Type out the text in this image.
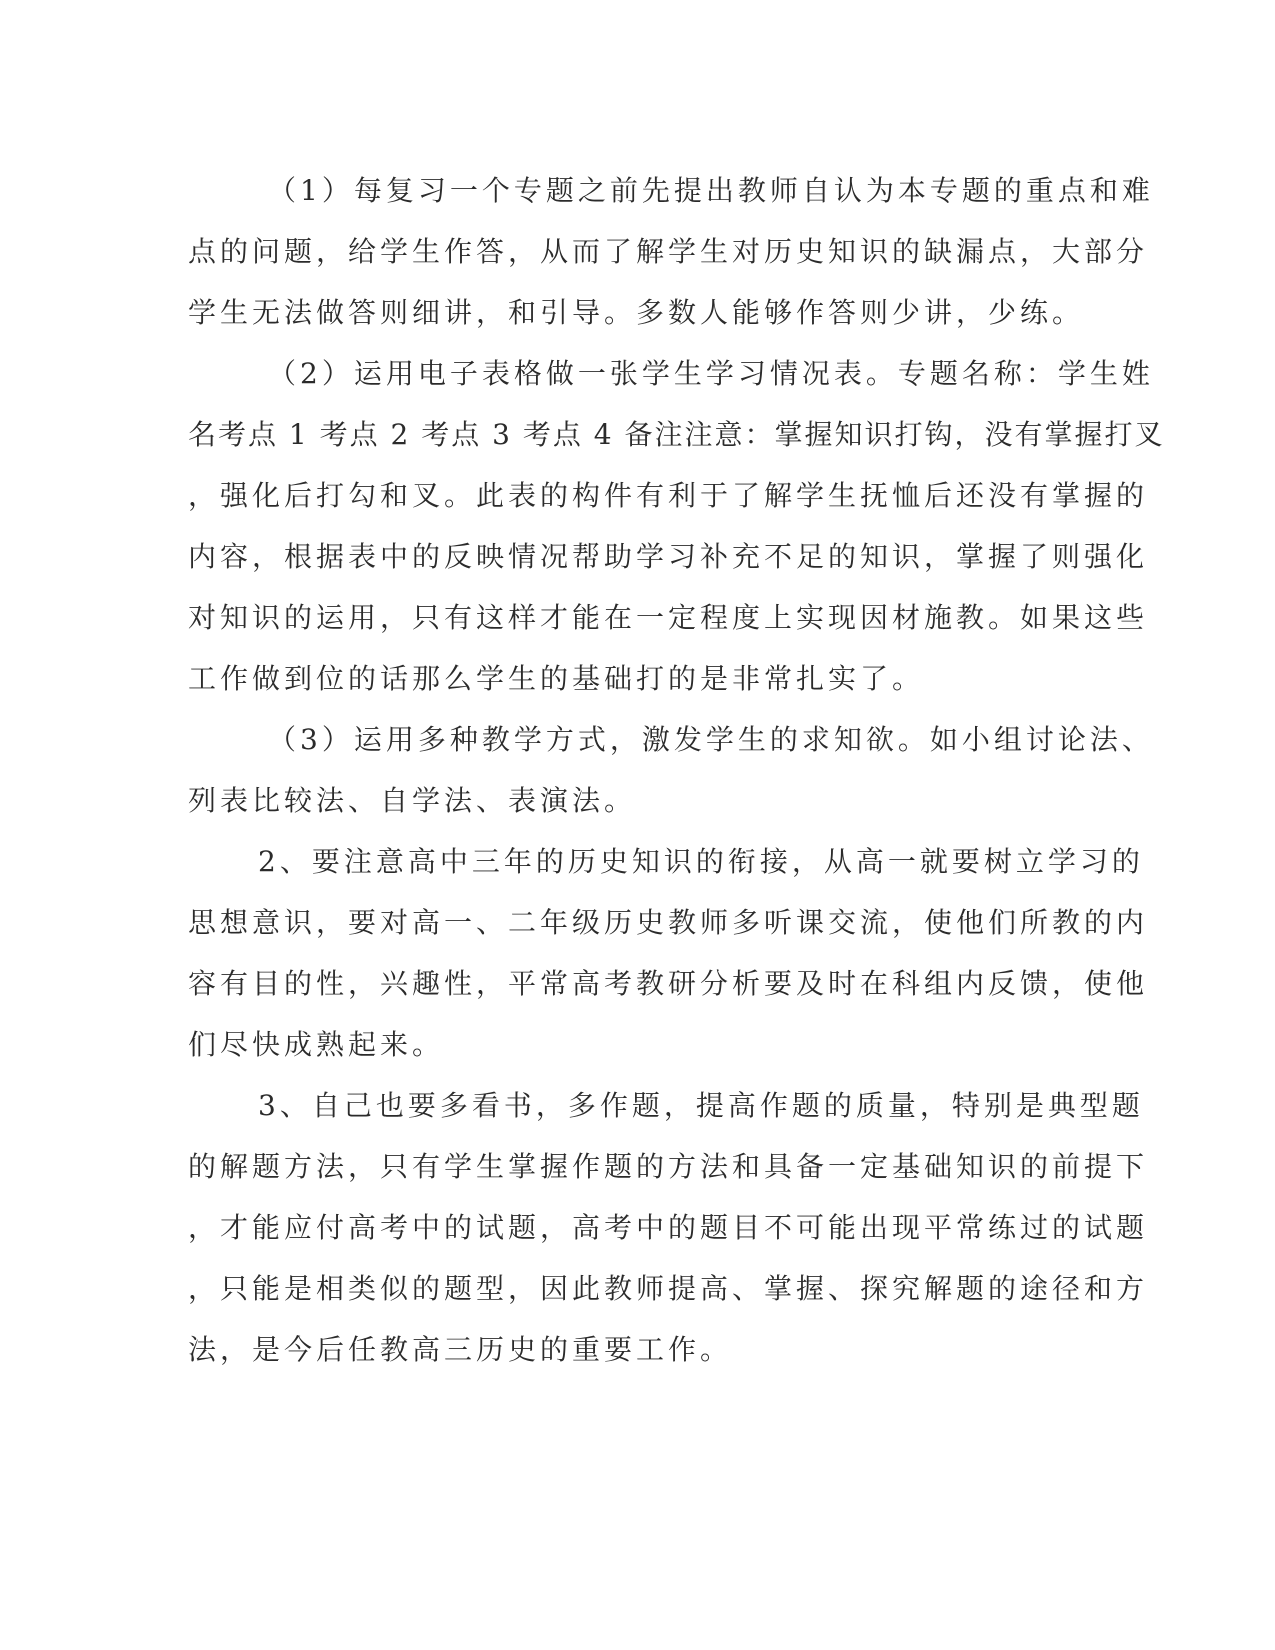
（1）每复习一个专题之前先提出教师自认为本专题的重点和难
点的问题，给学生作答，从而了解学生对历史知识的缺漏点，大部分
学生无法做答则细讲，和引导。多数人能够作答则少讲，少练。
（2）运用电子表格做一张学生学习情况表。专题名称：学生姓
名考点 1 考点 2 考点 3 考点 4 备注注意：掌握知识打钩，没有掌握打叉
，强化后打勾和叉。此表的构件有利于了解学生抚恤后还没有掌握的
内容，根据表中的反映情况帮助学习补充不足的知识，掌握了则强化
对知识的运用，只有这样才能在一定程度上实现因材施教。如果这些
工作做到位的话那么学生的基础打的是非常扎实了。
（3）运用多种教学方式，激发学生的求知欲。如小组讨论法、
列表比较法、自学法、表演法。
2、要注意高中三年的历史知识的衔接，从高一就要树立学习的
思想意识，要对高一、二年级历史教师多听课交流，使他们所教的内
容有目的性，兴趣性，平常高考教研分析要及时在科组内反馈，使他
们尽快成熟起来。
3、自己也要多看书，多作题，提高作题的质量，特别是典型题
的解题方法，只有学生掌握作题的方法和具备一定基础知识的前提下
，才能应付高考中的试题，高考中的题目不可能出现平常练过的试题
，只能是相类似的题型，因此教师提高、掌握、探究解题的途径和方
法，是今后任教高三历史的重要工作。
